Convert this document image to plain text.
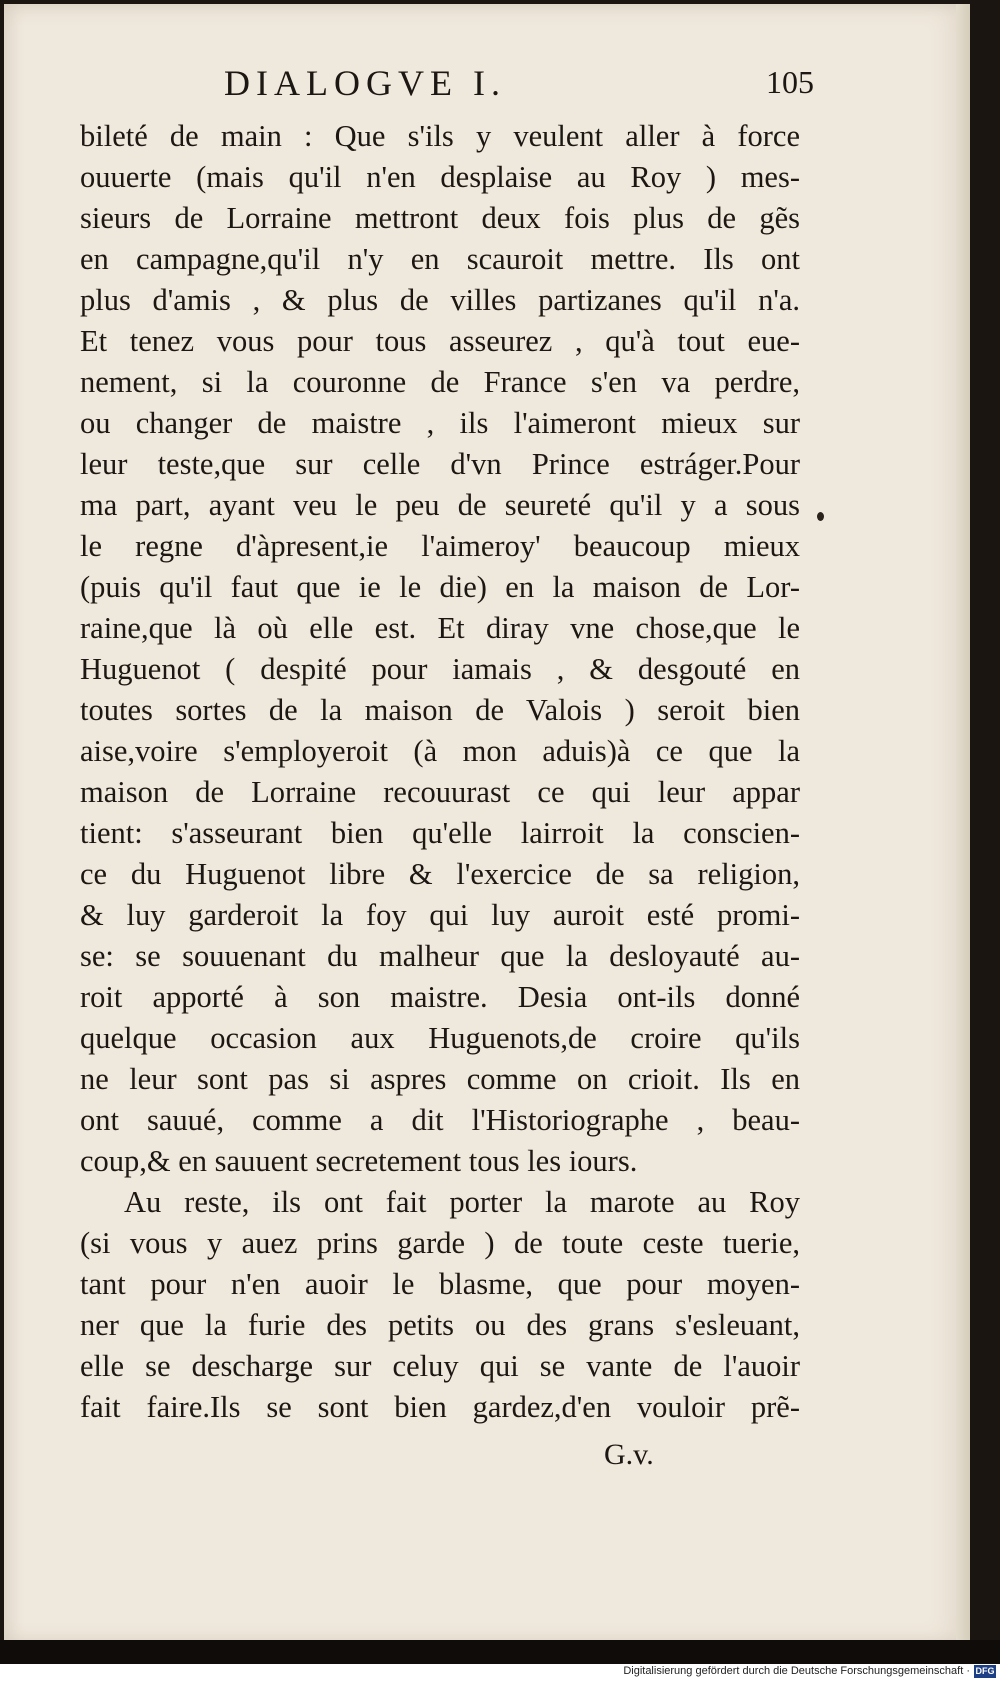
DIALOGVE I.	105
bileté de main : Que s'ils y veulent aller à force
ouuerte (mais qu'il n'en desplaise au Roy ) mes-
sieurs de Lorraine mettront deux fois plus de gẽs
en campagne,qu'il n'y en scauroit mettre. Ils ont
plus d'amis , & plus de villes partizanes qu'il n'a.
Et tenez vous pour tous asseurez , qu'à tout eue-
nement, si la couronne de France s'en va perdre,
ou changer de maistre , ils l'aimeront mieux sur
leur teste,que sur celle d'vn Prince estráger.Pour
ma part, ayant veu le peu de seureté qu'il y a sous
le regne d'àpresent,ie l'aimeroy' beaucoup mieux
(puis qu'il faut que ie le die) en la maison de Lor-
raine,que là où elle est. Et diray vne chose,que le
Huguenot ( despité pour iamais , & desgouté en
toutes sortes de la maison de Valois ) seroit bien
aise,voire s'employeroit (à mon aduis)à ce que la
maison de Lorraine recouurast ce qui leur appar
tient: s'asseurant bien qu'elle lairroit la conscien-
ce du Huguenot libre & l'exercice de sa religion,
& luy garderoit la foy qui luy auroit esté promi-
se: se souuenant du malheur que la desloyauté au-
roit apporté à son maistre. Desia ont-ils donné
quelque occasion aux Huguenots,de croire qu'ils
ne leur sont pas si aspres comme on crioit. Ils en
ont sauué, comme a dit l'Historiographe , beau-
coup,& en sauuent secretement tous les iours.
Au reste, ils ont fait porter la marote au Roy
(si vous y auez prins garde ) de toute ceste tuerie,
tant pour n'en auoir le blasme, que pour moyen-
ner que la furie des petits ou des grans s'esleuant,
elle se descharge sur celuy qui se vante de l'auoir
fait faire.Ils se sont bien gardez,d'en vouloir prẽ-
G.v.
Digitalisierung gefördert durch die Deutsche Forschungsgemeinschaft · DFG
